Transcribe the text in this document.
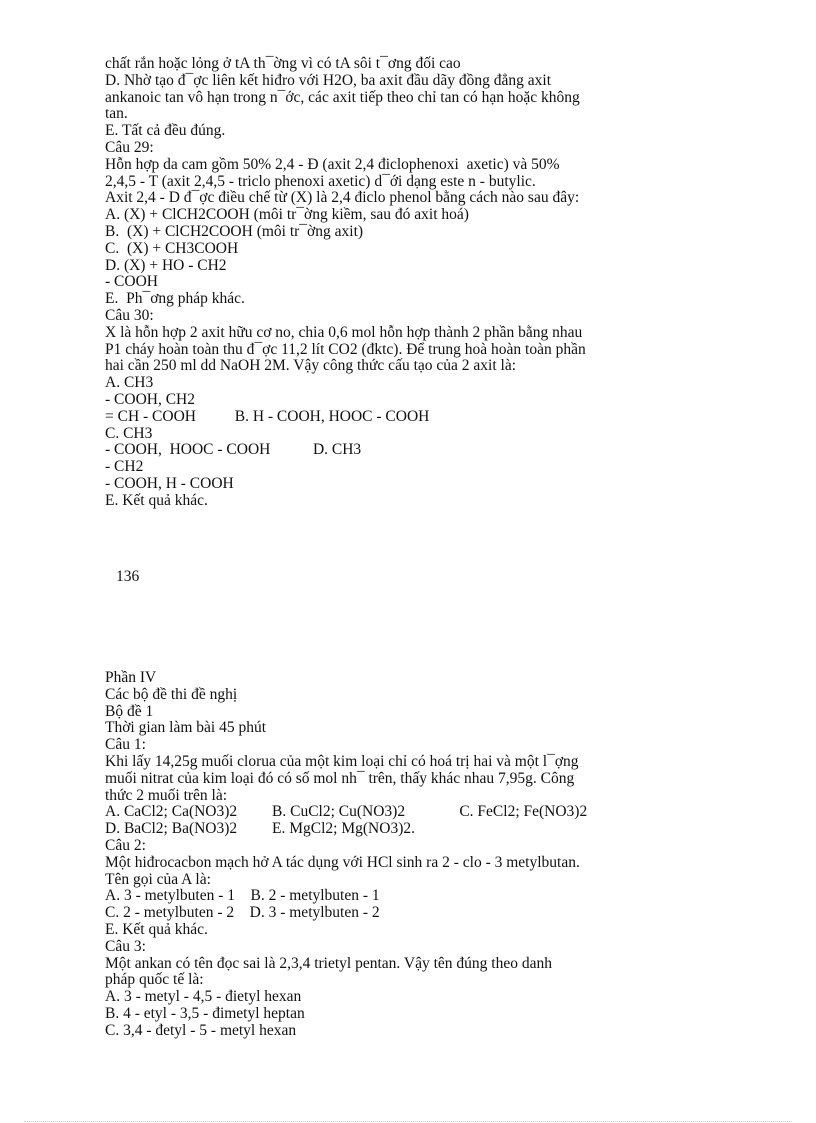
chất rắn hoặc lỏng ở tA th¯ờng vì có tA sôi t¯ơng đối cao
D. Nhờ tạo đ¯ợc liên kết hiđro với H2O, ba axit đầu dãy đồng đẳng axit
ankanoic tan vô hạn trong n¯ớc, các axit tiếp theo chỉ tan có hạn hoặc không
tan.
E. Tất cả đều đúng.
Câu 29:
Hỗn hợp da cam gồm 50% 2,4 - Đ (axit 2,4 điclophenoxi  axetic) và 50%
2,4,5 - T (axit 2,4,5 - triclo phenoxi axetic) d¯ới dạng este n - butylic.
Axit 2,4 - D đ¯ợc điều chế từ (X) là 2,4 điclo phenol bằng cách nào sau đây:
A. (X) + ClCH2COOH (môi tr¯ờng kiềm, sau đó axit hoá)
B.  (X) + ClCH2COOH (môi tr¯ờng axit)
C.  (X) + CH3COOH
D. (X) + HO - CH2
- COOH
E.  Ph¯ơng pháp khác.
Câu 30:
X là hỗn hợp 2 axit hữu cơ no, chia 0,6 mol hỗn hợp thành 2 phần bằng nhau
P1 cháy hoàn toàn thu đ¯ợc 11,2 lít CO2 (đktc). Để trung hoà hoàn toàn phần
hai cần 250 ml dd NaOH 2M. Vậy công thức cấu tạo của 2 axit là:
A. CH3
- COOH, CH2
= CH - COOH          B. H - COOH, HOOC - COOH
C. CH3
- COOH,  HOOC - COOH           D. CH3
- CH2
- COOH, H - COOH
E. Kết quả khác.
136
Phần IV
Các bộ đề thi đề nghị
Bộ đề 1
Thời gian làm bài 45 phút
Câu 1:
Khi lấy 14,25g muối clorua của một kim loại chỉ có hoá trị hai và một l¯ợng
muối nitrat của kim loại đó có số mol nh¯ trên, thấy khác nhau 7,95g. Công
thức 2 muối trên là:
A. CaCl2; Ca(NO3)2         B. CuCl2; Cu(NO3)2              C. FeCl2; Fe(NO3)2
D. BaCl2; Ba(NO3)2         E. MgCl2; Mg(NO3)2.
Câu 2:
Một hiđrocacbon mạch hở A tác dụng với HCl sinh ra 2 - clo - 3 metylbutan.
Tên gọi của A là:
A. 3 - metylbuten - 1    B. 2 - metylbuten - 1
C. 2 - metylbuten - 2    D. 3 - metylbuten - 2
E. Kết quả khác.
Câu 3:
Một ankan có tên đọc sai là 2,3,4 trietyl pentan. Vậy tên đúng theo danh
pháp quốc tế là:
A. 3 - metyl - 4,5 - đietyl hexan
B. 4 - etyl - 3,5 - đimetyl heptan
C. 3,4 - đetyl - 5 - metyl hexan
